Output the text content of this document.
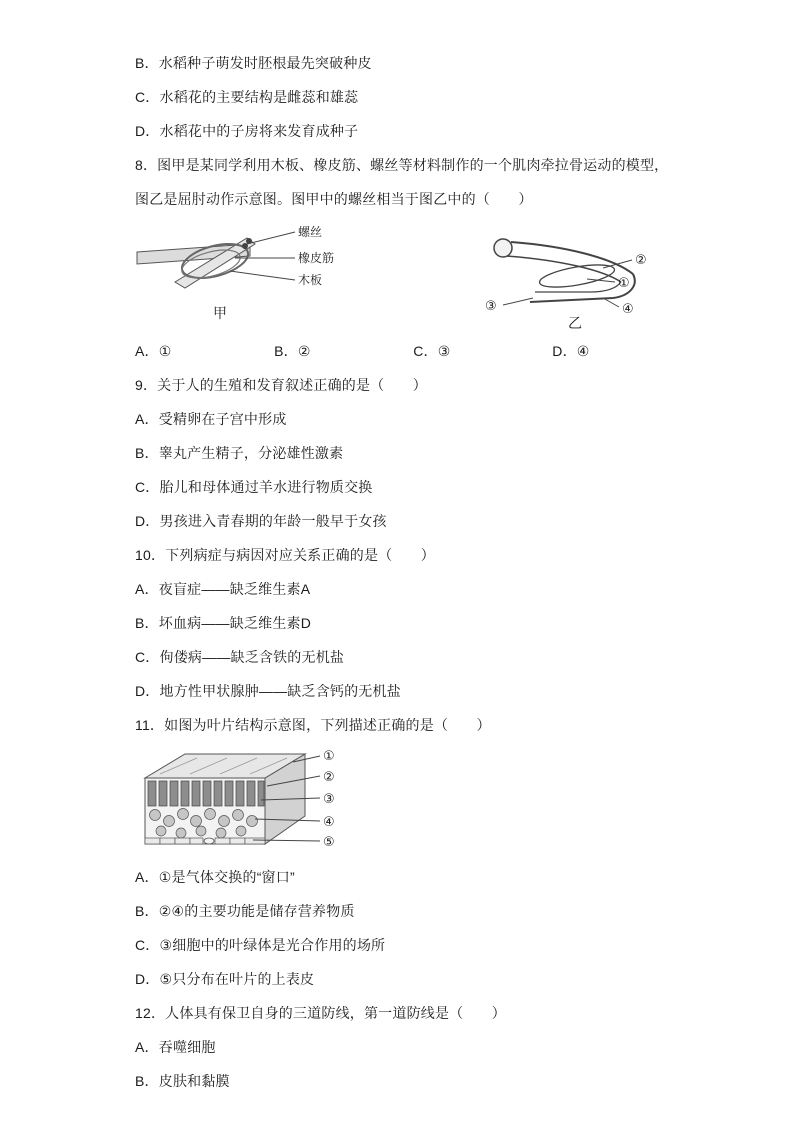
B．水稻种子萌发时胚根最先突破种皮
C．水稻花的主要结构是雌蕊和雄蕊
D．水稻花中的子房将来发育成种子
8．图甲是某同学利用木板、橡皮筋、螺丝等材料制作的一个肌肉牵拉骨运动的模型，
图乙是屈肘动作示意图。图甲中的螺丝相当于图乙中的（　　）
螺丝
橡皮筋
木板
甲
②
①
③	④
乙
A．①	B．②	C．③	D．④
9．关于人的生殖和发育叙述正确的是（　　）
A．受精卵在子宫中形成
B．睾丸产生精子，分泌雄性激素
C．胎儿和母体通过羊水进行物质交换
D．男孩进入青春期的年龄一般早于女孩
10．下列病症与病因对应关系正确的是（　　）
A．夜盲症——缺乏维生素A
B．坏血病——缺乏维生素D
C．佝偻病——缺乏含铁的无机盐
D．地方性甲状腺肿——缺乏含钙的无机盐
11．如图为叶片结构示意图，下列描述正确的是（　　）
①
②
③
④
⑤
A．①是气体交换的“窗口”
B．②④的主要功能是储存营养物质
C．③细胞中的叶绿体是光合作用的场所
D．⑤只分布在叶片的上表皮
12．人体具有保卫自身的三道防线，第一道防线是（　　）
A．吞噬细胞
B．皮肤和黏膜
